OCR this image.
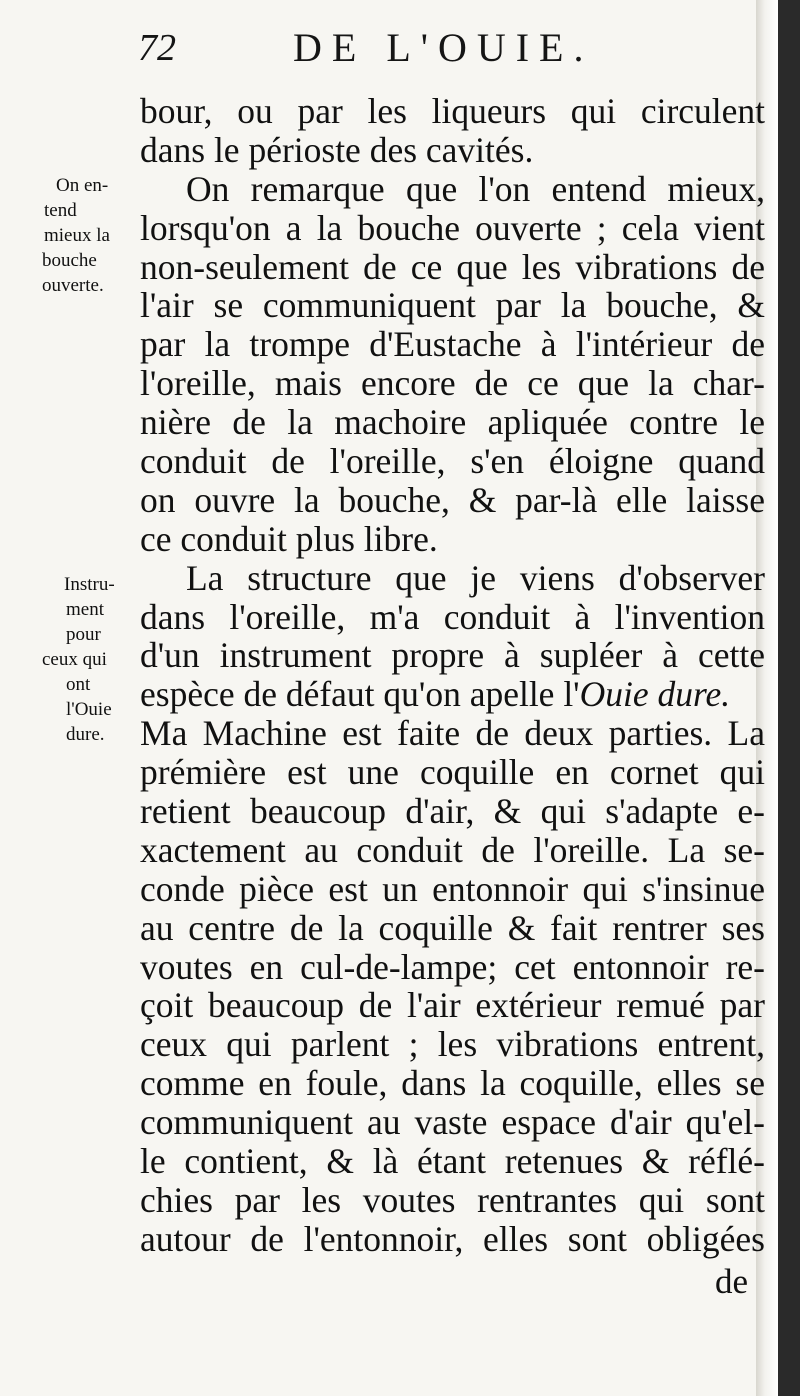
72	DE L'OUIE.
On en-
tend
mieux la
bouche
ouverte.
Instru-
ment
pour
ceux qui
ont
l'Ouie
dure.
bour, ou par les liqueurs qui circulent
dans le périoste des cavités.
On remarque que l'on entend mieux,
lorsqu'on a la bouche ouverte ; cela vient
non-seulement de ce que les vibrations de
l'air se communiquent par la bouche, &
par la trompe d'Eustache à l'intérieur de
l'oreille, mais encore de ce que la char-
nière de la machoire apliquée contre le
conduit de l'oreille, s'en éloigne quand
on ouvre la bouche, & par-là elle laisse
ce conduit plus libre.
La structure que je viens d'observer
dans l'oreille, m'a conduit à l'invention
d'un instrument propre à supléer à cette
espèce de défaut qu'on apelle l'Ouie dure.
Ma Machine est faite de deux parties. La
prémière est une coquille en cornet qui
retient beaucoup d'air, & qui s'adapte e-
xactement au conduit de l'oreille. La se-
conde pièce est un entonnoir qui s'insinue
au centre de la coquille & fait rentrer ses
voutes en cul-de-lampe; cet entonnoir re-
çoit beaucoup de l'air extérieur remué par
ceux qui parlent ; les vibrations entrent,
comme en foule, dans la coquille, elles se
communiquent au vaste espace d'air qu'el-
le contient, & là étant retenues & réflé-
chies par les voutes rentrantes qui sont
autour de l'entonnoir, elles sont obligées
de
